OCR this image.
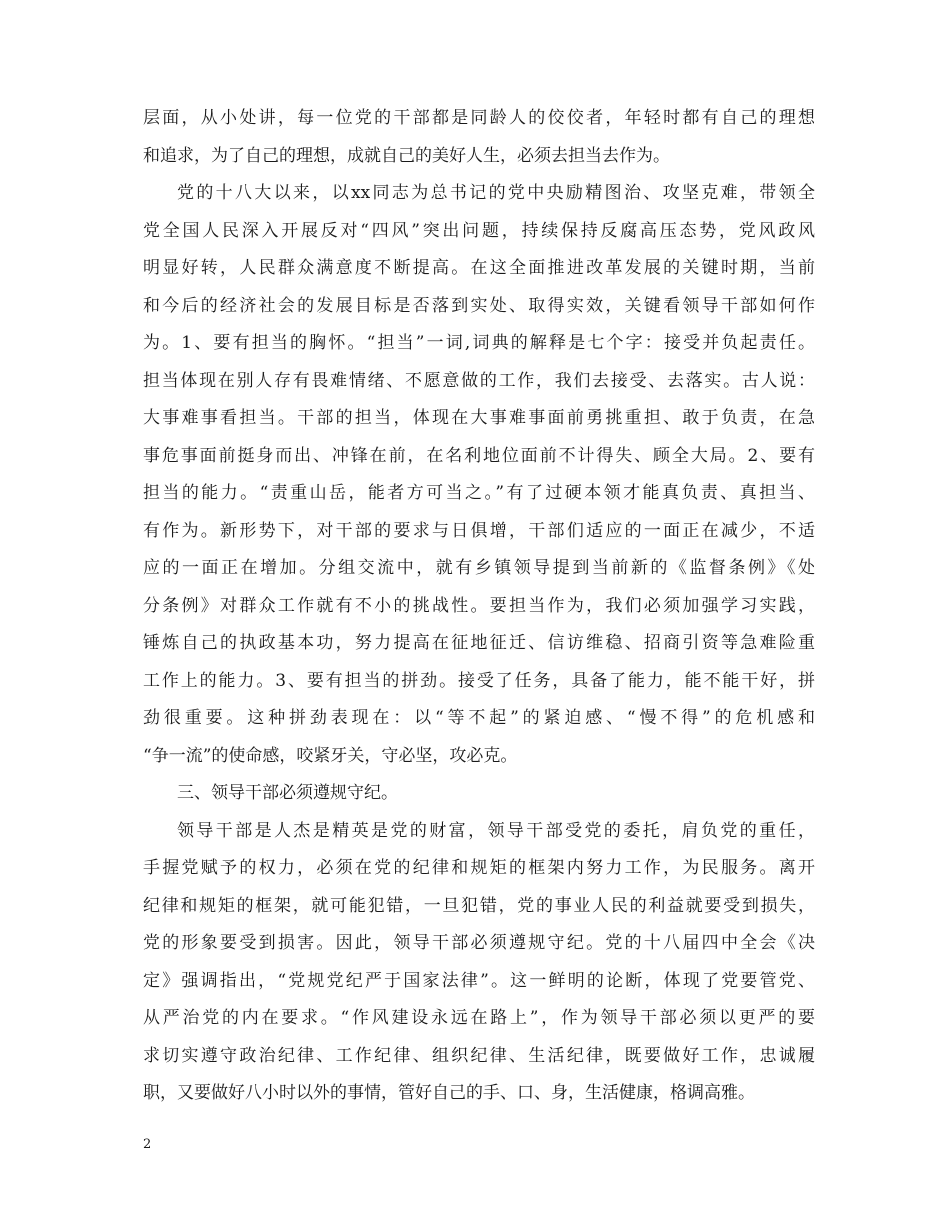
层面，从小处讲，每一位党的干部都是同龄人的佼佼者，年轻时都有自己的理想
和追求，为了自己的理想，成就自己的美好人生，必须去担当去作为。
党的十八大以来，以xx同志为总书记的党中央励精图治、攻坚克难，带领全
党全国人民深入开展反对“四风”突出问题，持续保持反腐高压态势，党风政风
明显好转，人民群众满意度不断提高。在这全面推进改革发展的关键时期，当前
和今后的经济社会的发展目标是否落到实处、取得实效，关键看领导干部如何作
为。1、要有担当的胸怀。“担当”一词,词典的解释是七个字：接受并负起责任。
担当体现在别人存有畏难情绪、不愿意做的工作，我们去接受、去落实。古人说：
大事难事看担当。干部的担当，体现在大事难事面前勇挑重担、敢于负责，在急
事危事面前挺身而出、冲锋在前，在名利地位面前不计得失、顾全大局。2、要有
担当的能力。“责重山岳，能者方可当之。”有了过硬本领才能真负责、真担当、
有作为。新形势下，对干部的要求与日俱增，干部们适应的一面正在减少，不适
应的一面正在增加。分组交流中，就有乡镇领导提到当前新的《监督条例》《处
分条例》对群众工作就有不小的挑战性。要担当作为，我们必须加强学习实践，
锤炼自己的执政基本功，努力提高在征地征迁、信访维稳、招商引资等急难险重
工作上的能力。3、要有担当的拼劲。接受了任务，具备了能力，能不能干好，拼
劲很重要。这种拼劲表现在：以“等不起”的紧迫感、“慢不得”的危机感和
“争一流”的使命感，咬紧牙关，守必坚，攻必克。
三、领导干部必须遵规守纪。
领导干部是人杰是精英是党的财富，领导干部受党的委托，肩负党的重任，
手握党赋予的权力，必须在党的纪律和规矩的框架内努力工作，为民服务。离开
纪律和规矩的框架，就可能犯错，一旦犯错，党的事业人民的利益就要受到损失，
党的形象要受到损害。因此，领导干部必须遵规守纪。党的十八届四中全会《决
定》强调指出，“党规党纪严于国家法律”。这一鲜明的论断，体现了党要管党、
从严治党的内在要求。“作风建设永远在路上”，作为领导干部必须以更严的要
求切实遵守政治纪律、工作纪律、组织纪律、生活纪律，既要做好工作，忠诚履
职，又要做好八小时以外的事情，管好自己的手、口、身，生活健康，格调高雅。
2
